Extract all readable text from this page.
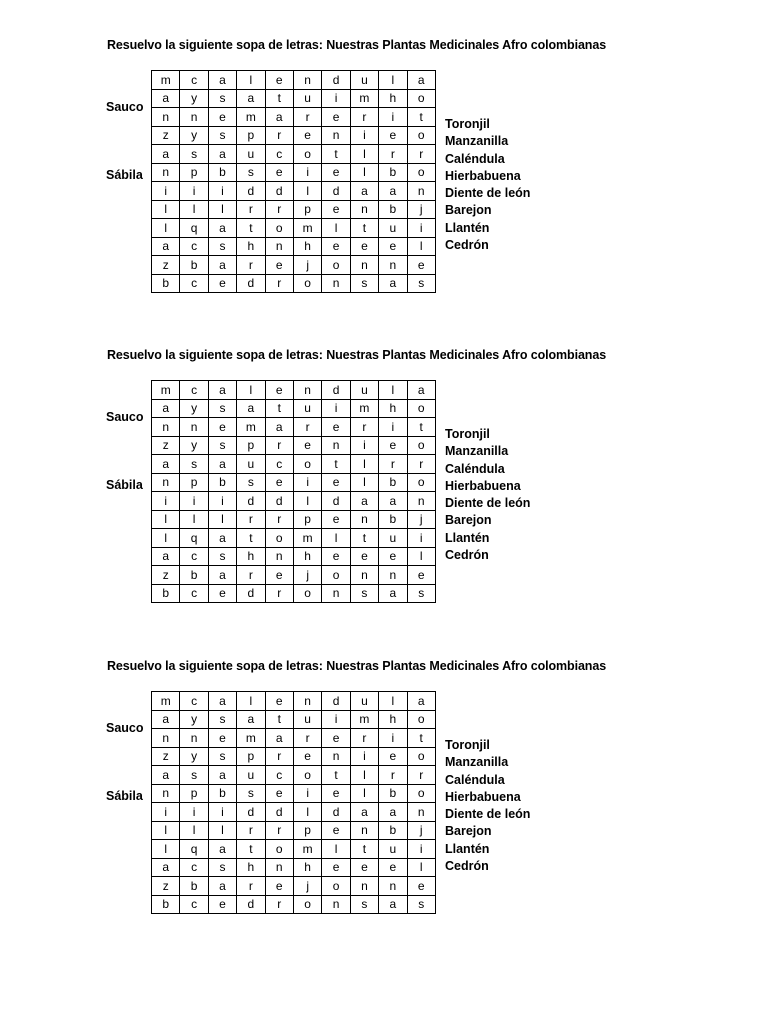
Resuelvo la siguiente sopa de letras: Nuestras Plantas Medicinales Afro colombianas
Sauco
Sábila
m	c	a	l	e	n	d	u	l	a
a	y	s	a	t	u	i	m	h	o
n	n	e	m	a	r	e	r	i	t
z	y	s	p	r	e	n	i	e	o
a	s	a	u	c	o	t	l	r	r
n	p	b	s	e	i	e	l	b	o
i	i	i	d	d	l	d	a	a	n
l	l	l	r	r	p	e	n	b	j
l	q	a	t	o	m	l	t	u	i
a	c	s	h	n	h	e	e	e	l
z	b	a	r	e	j	o	n	n	e
b	c	e	d	r	o	n	s	a	s
Toronjil
Manzanilla
Caléndula
Hierbabuena
Diente de león
Barejon
Llantén
Cedrón
Resuelvo la siguiente sopa de letras: Nuestras Plantas Medicinales Afro colombianas
Sauco
Sábila
m	c	a	l	e	n	d	u	l	a
a	y	s	a	t	u	i	m	h	o
n	n	e	m	a	r	e	r	i	t
z	y	s	p	r	e	n	i	e	o
a	s	a	u	c	o	t	l	r	r
n	p	b	s	e	i	e	l	b	o
i	i	i	d	d	l	d	a	a	n
l	l	l	r	r	p	e	n	b	j
l	q	a	t	o	m	l	t	u	i
a	c	s	h	n	h	e	e	e	l
z	b	a	r	e	j	o	n	n	e
b	c	e	d	r	o	n	s	a	s
Toronjil
Manzanilla
Caléndula
Hierbabuena
Diente de león
Barejon
Llantén
Cedrón
Resuelvo la siguiente sopa de letras: Nuestras Plantas Medicinales Afro colombianas
Sauco
Sábila
m	c	a	l	e	n	d	u	l	a
a	y	s	a	t	u	i	m	h	o
n	n	e	m	a	r	e	r	i	t
z	y	s	p	r	e	n	i	e	o
a	s	a	u	c	o	t	l	r	r
n	p	b	s	e	i	e	l	b	o
i	i	i	d	d	l	d	a	a	n
l	l	l	r	r	p	e	n	b	j
l	q	a	t	o	m	l	t	u	i
a	c	s	h	n	h	e	e	e	l
z	b	a	r	e	j	o	n	n	e
b	c	e	d	r	o	n	s	a	s
Toronjil
Manzanilla
Caléndula
Hierbabuena
Diente de león
Barejon
Llantén
Cedrón
